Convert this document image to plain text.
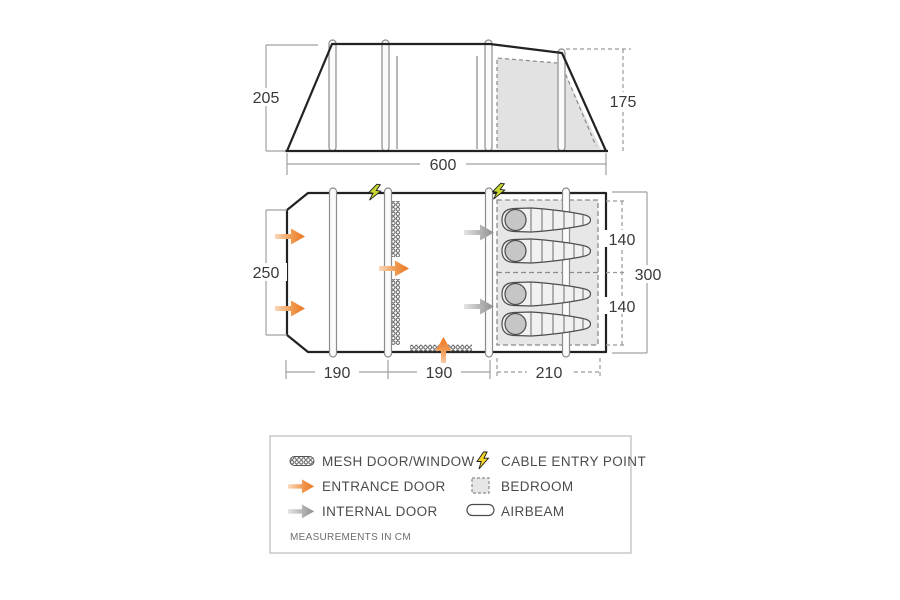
205	175
600
250
190	190	210
140
140
300
MESH DOOR/WINDOW
ENTRANCE DOOR
INTERNAL DOOR
MEASUREMENTS IN CM
CABLE ENTRY POINT
BEDROOM
AIRBEAM
